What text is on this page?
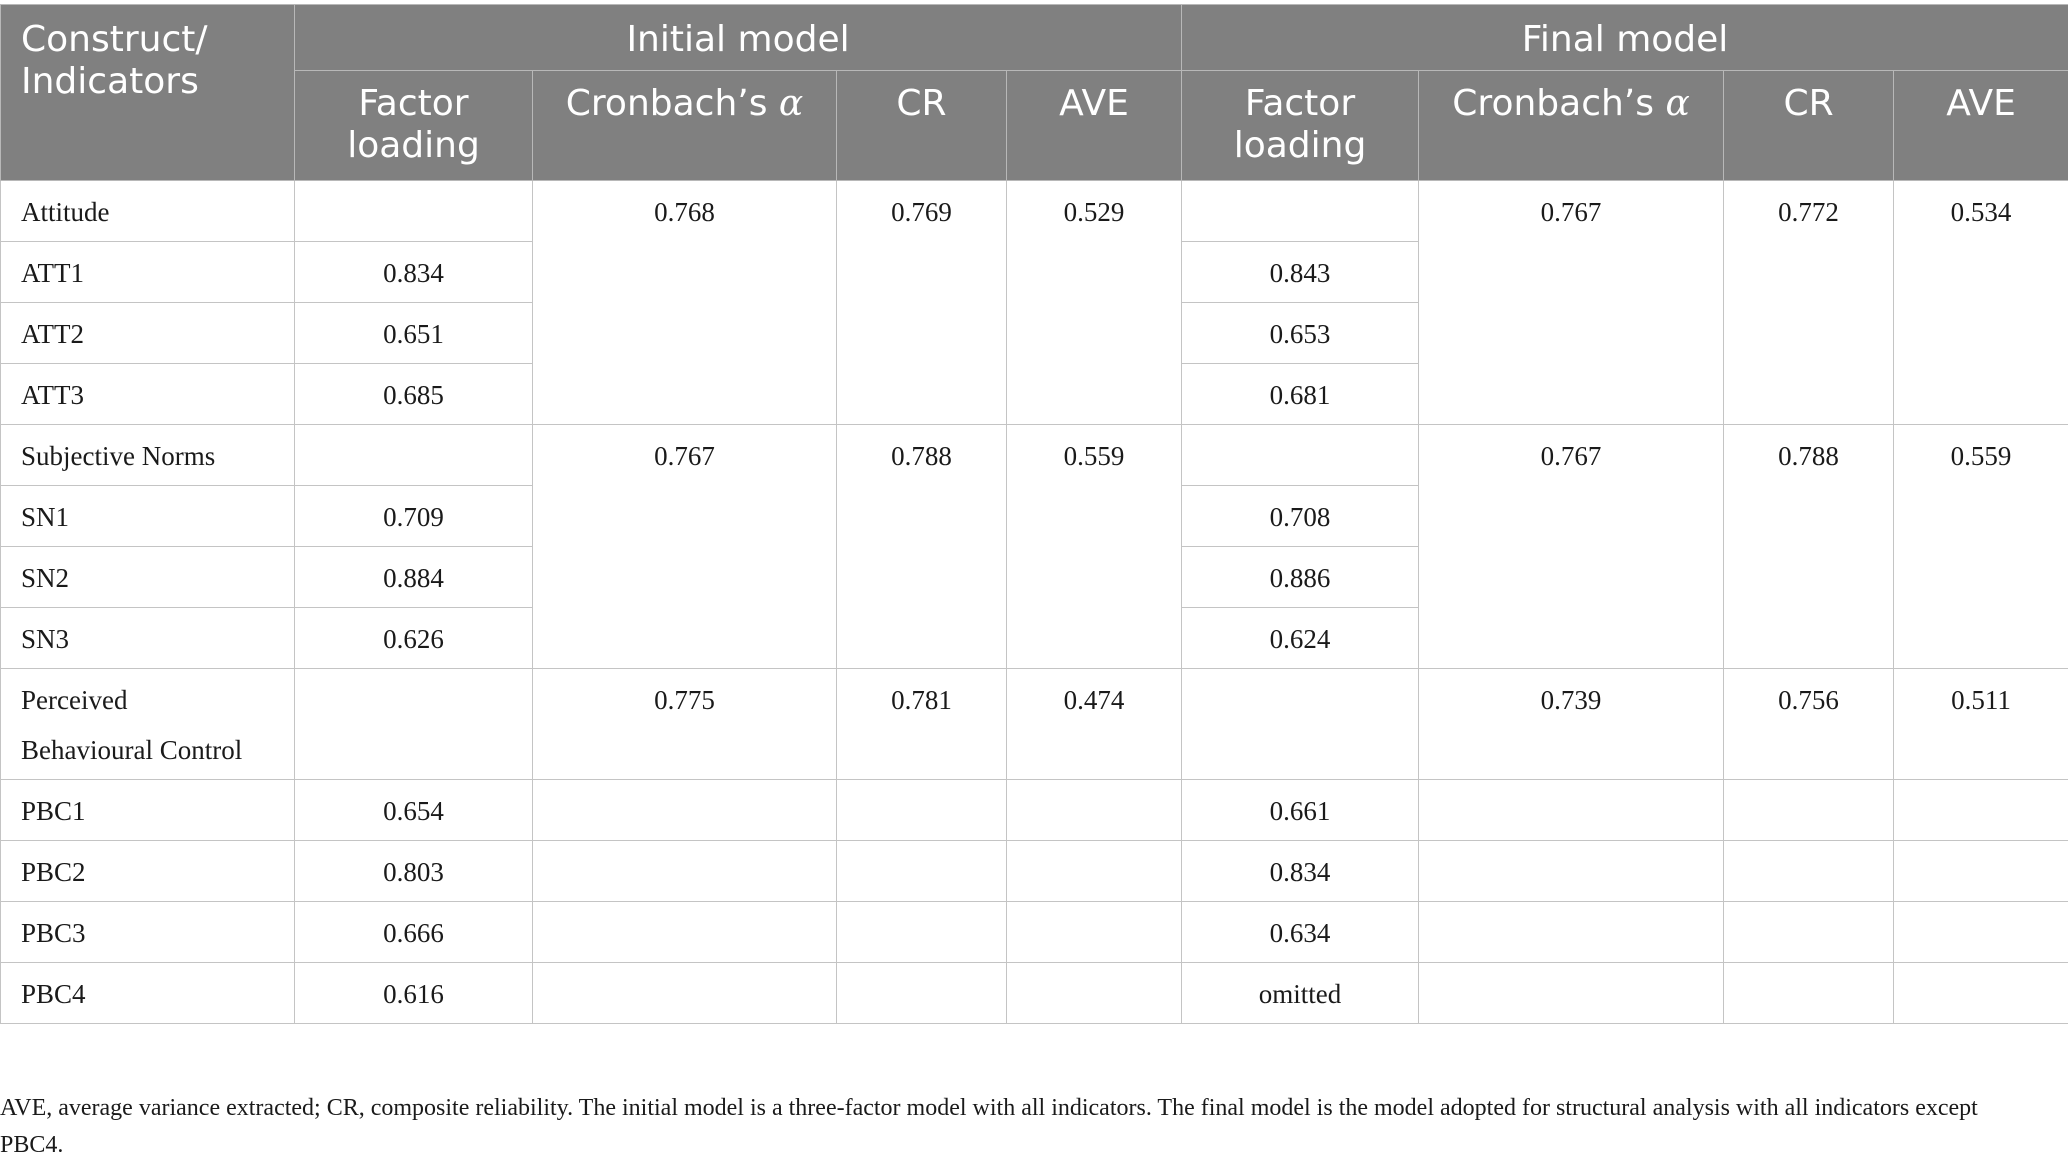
Construct/
Indicators	Initial model				Final model			
	Factor loading	Cronbach’s α	CR	AVE	Factor loading	Cronbach’s α	CR	AVE
Attitude		0.768	0.769	0.529		0.767	0.772	0.534
ATT1	0.834				0.843			
ATT2	0.651				0.653			
ATT3	0.685				0.681			
Subjective Norms		0.767	0.788	0.559		0.767	0.788	0.559
SN1	0.709				0.708			
SN2	0.884				0.886			
SN3	0.626				0.624			
Perceived
Behavioural Control		0.775	0.781	0.474		0.739	0.756	0.511
PBC1	0.654				0.661			
PBC2	0.803				0.834			
PBC3	0.666				0.634			
PBC4	0.616				omitted			
AVE, average variance extracted; CR, composite reliability. The initial model is a three-factor model with all indicators. The final model is the model adopted for structural analysis with all indicators except PBC4.
